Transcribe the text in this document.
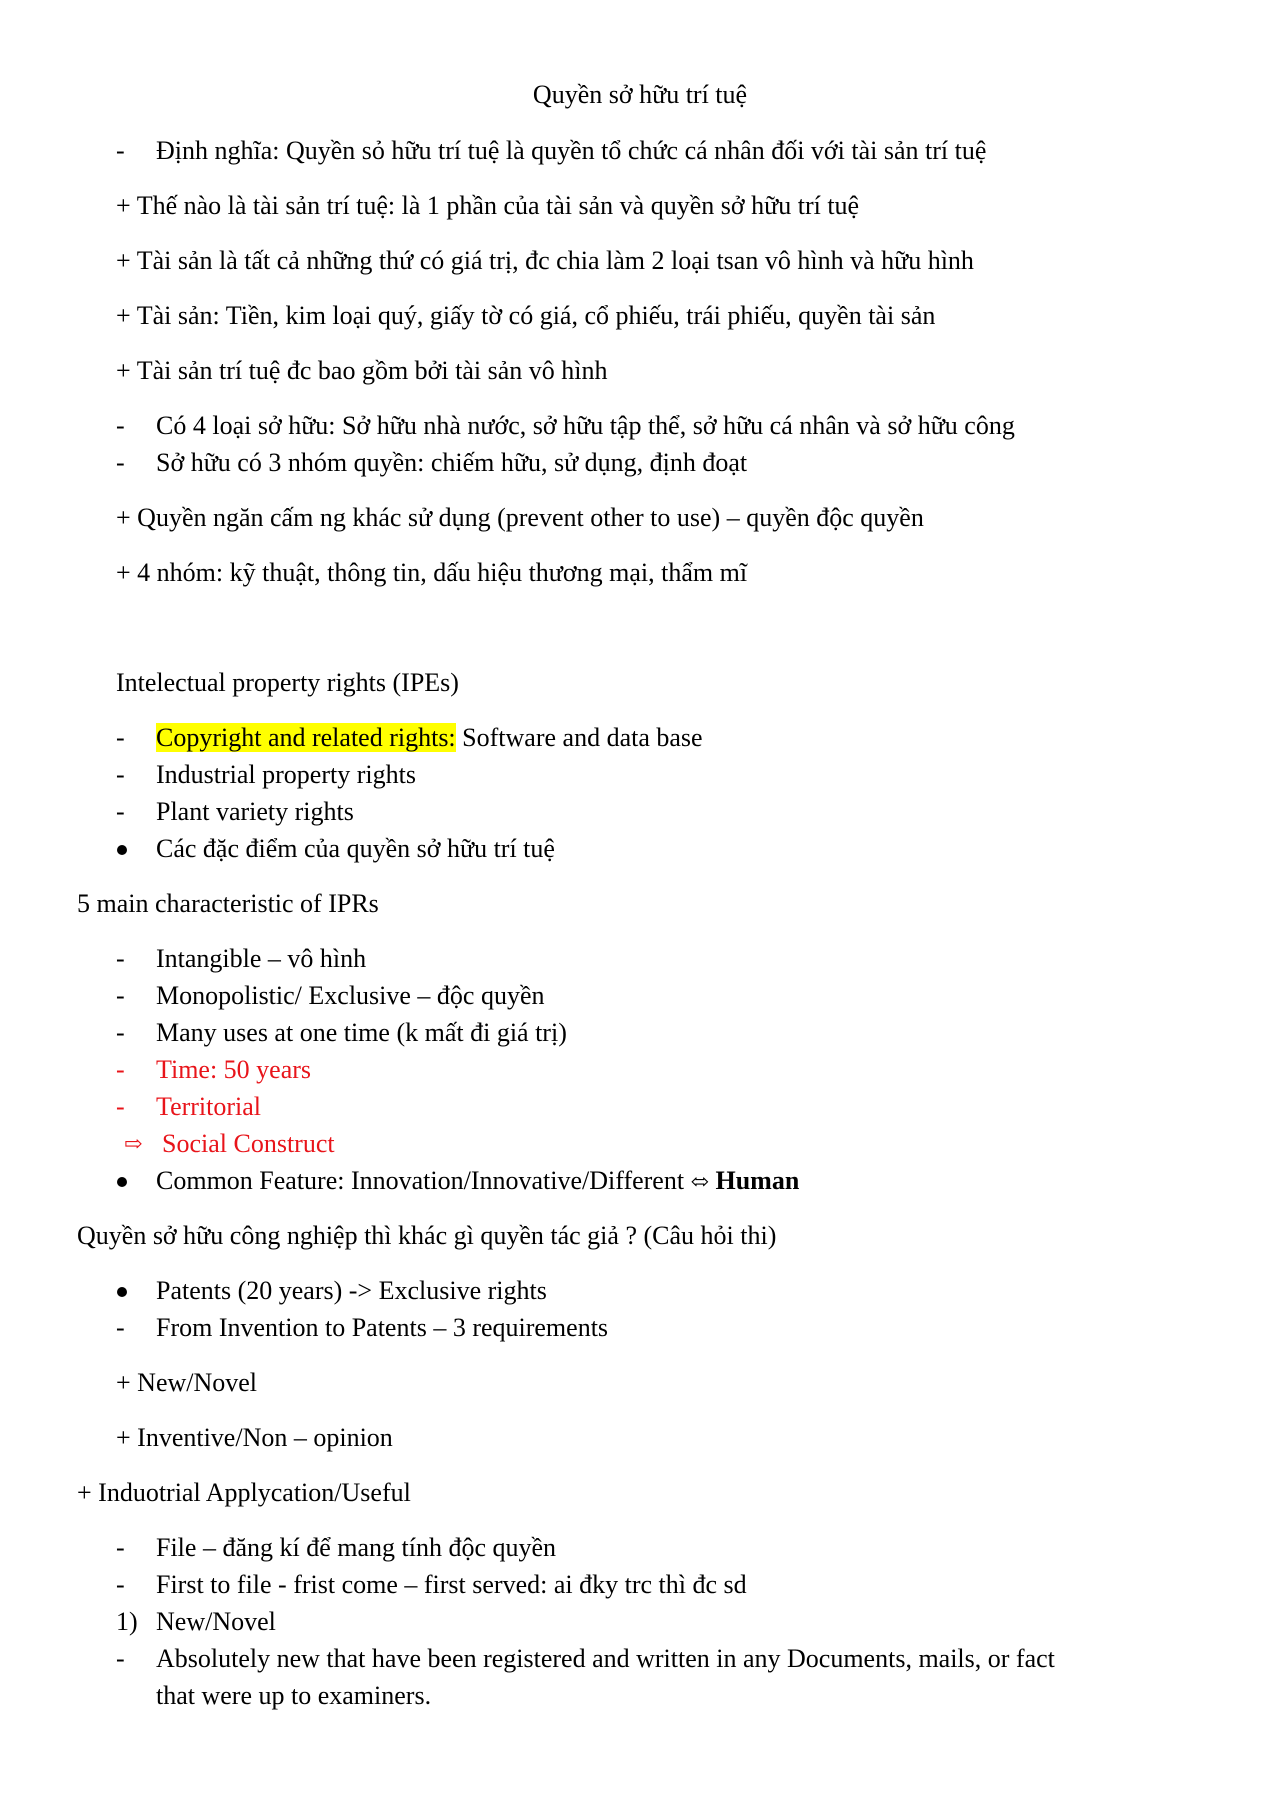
Quyền sở hữu trí tuệ
- Định nghĩa: Quyền sỏ hữu trí tuệ là quyền tổ chức cá nhân đối với tài sản trí tuệ
+ Thế nào là tài sản trí tuệ: là 1 phần của tài sản và quyền sở hữu trí tuệ
+ Tài sản là tất cả những thứ có giá trị, đc chia làm 2 loại tsan vô hình và hữu hình
+ Tài sản: Tiền, kim loại quý, giấy tờ có giá, cổ phiếu, trái phiếu, quyền tài sản
+ Tài sản trí tuệ đc bao gồm bởi tài sản vô hình
- Có 4 loại sở hữu: Sở hữu nhà nước, sở hữu tập thể, sở hữu cá nhân và sở hữu công
- Sở hữu có 3 nhóm quyền: chiếm hữu, sử dụng, định đoạt
+ Quyền ngăn cấm ng khác sử dụng (prevent other to use) – quyền độc quyền
+ 4 nhóm: kỹ thuật, thông tin, dấu hiệu thương mại, thẩm mĩ
Intelectual property rights (IPEs)
- Copyright and related rights: Software and data base
- Industrial property rights
- Plant variety rights
Các đặc điểm của quyền sở hữu trí tuệ
5 main characteristic of IPRs
- Intangible – vô hình
- Monopolistic/ Exclusive – độc quyền
- Many uses at one time (k mất đi giá trị)
- Time: 50 years
- Territorial
⇨ Social Construct
Common Feature: Innovation/Innovative/Different ⬄ Human
Quyền sở hữu công nghiệp thì khác gì quyền tác giả ? (Câu hỏi thi)
Patents (20 years) -> Exclusive rights
- From Invention to Patents – 3 requirements
+ New/Novel
+ Inventive/Non – opinion
+ Induotrial Applycation/Useful
- File – đăng kí để mang tính độc quyền
- First to file - frist come – first served: ai đky trc thì đc sd
1) New/Novel
- Absolutely new that have been registered and written in any Documents, mails, or fact
that were up to examiners.
